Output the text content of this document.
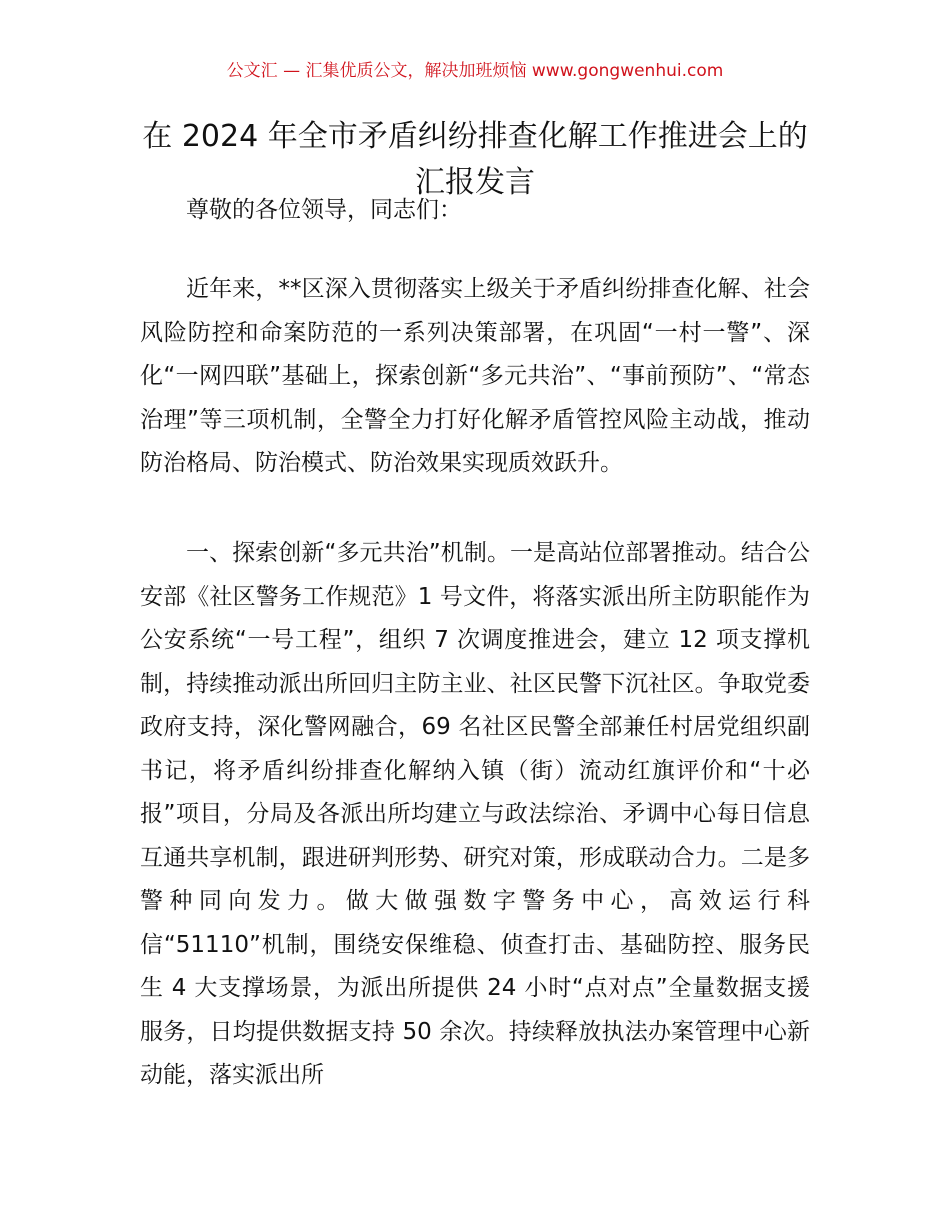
公文汇 — 汇集优质公文，解决加班烦恼 www.gongwenhui.com
在 2024 年全市矛盾纠纷排查化解工作推进会上的汇报发言

尊敬的各位领导，同志们：

近年来，**区深入贯彻落实上级关于矛盾纠纷排查化解、社会风险防控和命案防范的一系列决策部署，在巩固“一村一警”、深化“一网四联”基础上，探索创新“多元共治”、“事前预防”、“常态治理”等三项机制，全警全力打好化解矛盾管控风险主动战，推动防治格局、防治模式、防治效果实现质效跃升。

一、探索创新“多元共治”机制。一是高站位部署推动。结合公安部《社区警务工作规范》1 号文件，将落实派出所主防职能作为公安系统“一号工程”，组织 7 次调度推进会，建立 12 项支撑机制，持续推动派出所回归主防主业、社区民警下沉社区。争取党委政府支持，深化警网融合，69 名社区民警全部兼任村居党组织副书记，将矛盾纠纷排查化解纳入镇（街）流动红旗评价和“十必报”项目，分局及各派出所均建立与政法综治、矛调中心每日信息互通共享机制，跟进研判形势、研究对策，形成联动合力。二是多警种同向发力。做大做强数字警务中心，高效运行科信“51110”机制，围绕安保维稳、侦查打击、基础防控、服务民生 4 大支撑场景，为派出所提供 24 小时“点对点”全量数据支援服务，日均提供数据支持 50 余次。持续释放执法办案管理中心新动能，落实派出所
